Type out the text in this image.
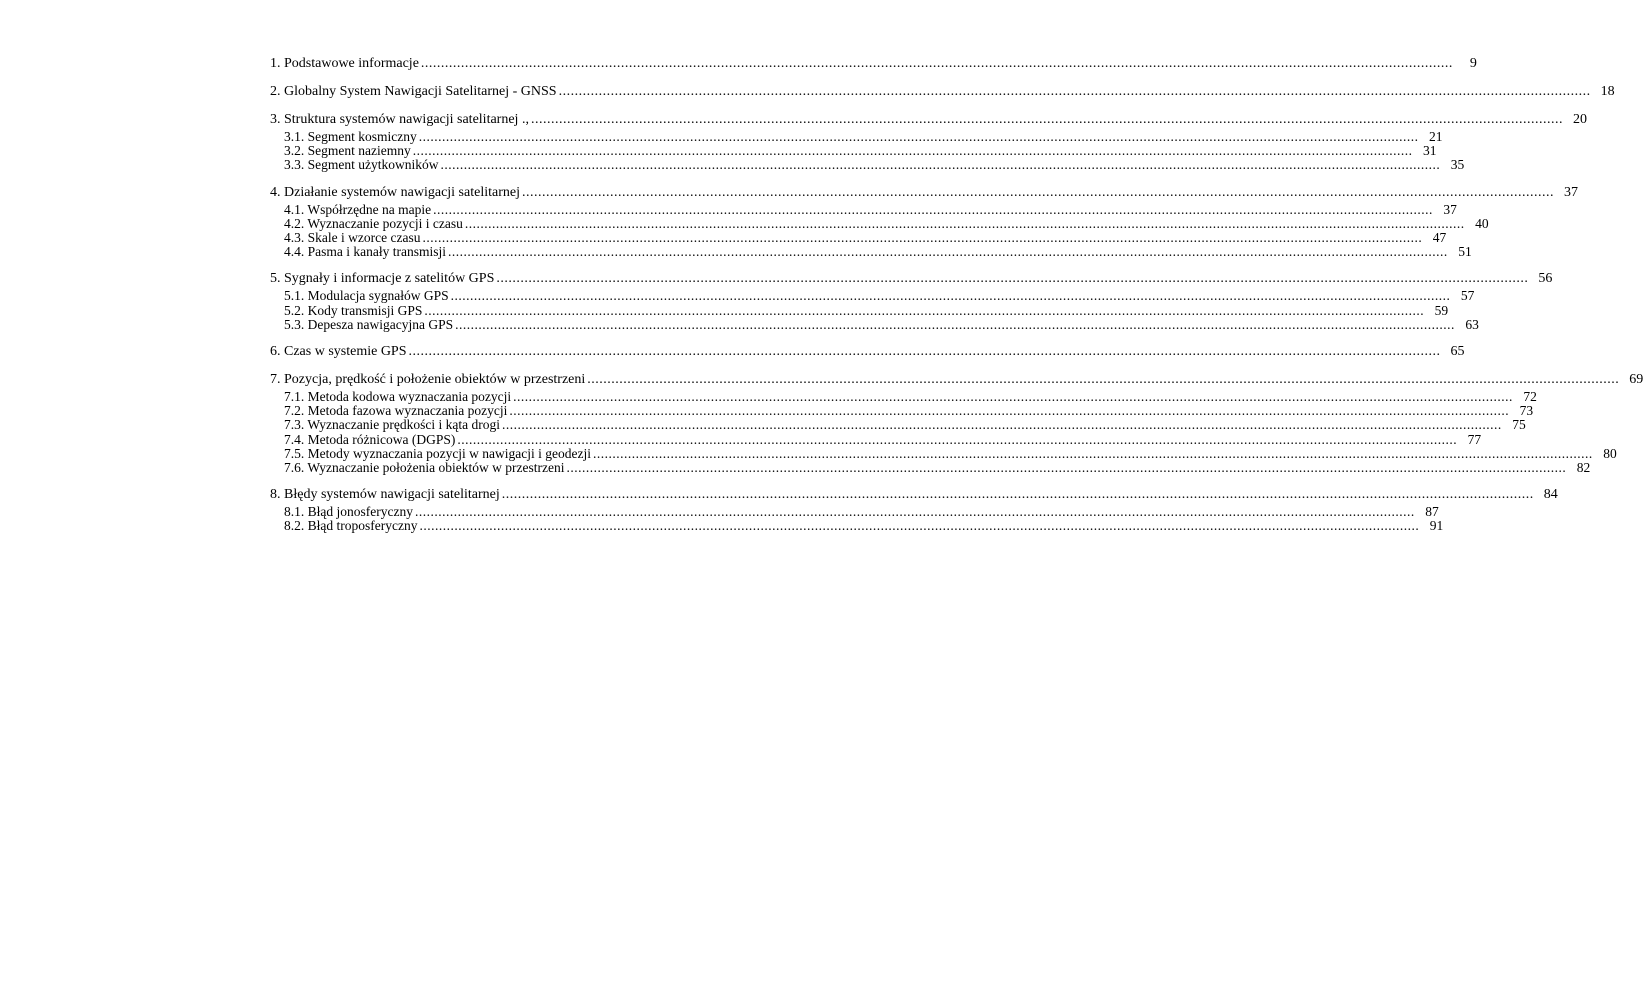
1. Podstawowe informacje .....	9
2. Globalny System Nawigacji Satelitarnej - GNSS .....	18
3. Struktura systemów nawigacji satelitarnej ., .....	20
3.1. Segment kosmiczny .....	21
3.2. Segment naziemny .....	31
3.3. Segment użytkowników .....	35
4. Działanie systemów nawigacji satelitarnej .....	37
4.1. Współrzędne na mapie .....	37
4.2. Wyznaczanie pozycji i czasu .....	40
4.3. Skale i wzorce czasu .....	47
4.4. Pasma i kanały transmisji .....	51
5. Sygnały i informacje z satelitów GPS .....	56
5.1. Modulacja sygnałów GPS .....	57
5.2. Kody transmisji GPS .....	59
5.3. Depesza nawigacyjna GPS .....	63
6. Czas w systemie GPS .....	65
7. Pozycja, prędkość i położenie obiektów w przestrzeni .....	69
7.1. Metoda kodowa wyznaczania pozycji .....	72
7.2. Metoda fazowa wyznaczania pozycji .....	73
7.3. Wyznaczanie prędkości i kąta drogi .....	75
7.4. Metoda różnicowa (DGPS) .....	77
7.5. Metody wyznaczania pozycji w nawigacji i geodezji .....	80
7.6. Wyznaczanie położenia obiektów w przestrzeni .....	82
8. Błędy systemów nawigacji satelitarnej .....	84
8.1. Błąd jonosferyczny .....	87
8.2. Błąd troposferyczny .....	91
